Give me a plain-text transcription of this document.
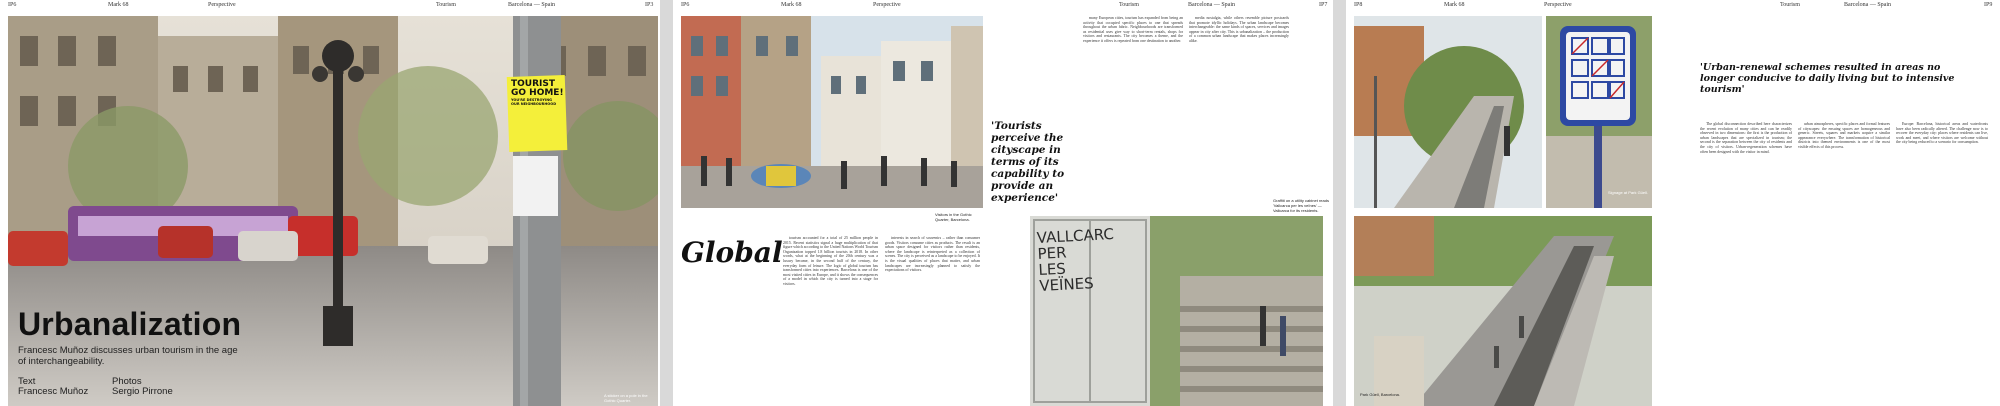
IP6	Mark 68	Perspective	Tourism	Barcelona — Spain	IP3
TOURIST
GO HOME!
YOU'RE DESTROYING
OUR NEIGHBOURHOOD
A sticker on a pole in the Gothic Quarter.
Urbanalization
Francesc Muñoz discusses urban tourism in the age of interchangeability.
Text
Francesc Muñoz
Photos
Sergio Pirrone
IP6	Mark 68	Perspective	Tourism	Barcelona — Spain	IP7
Visitors in the Gothic Quarter, Barcelona.
Global	tourism accounted for a total of 25 million people in 2015. Recent statistics signal a huge multiplication of that figure which according to the United Nations World Tourism Organization topped 1.8 billion tourists in 2018. In other words, what at the beginning of the 20th century was a luxury became, in the second half of the century, the everyday form of leisure. The logic of global tourism has transformed cities into experiences. Barcelona is one of the most visited cities in Europe, and it shows the consequences of a model in which the city is turned into a stage for visitors.

interests in search of souvenirs – rather than consumer goods. Visitors consume cities as products. The result is an urban space designed for visitors rather than residents, where the landscape is reinterpreted as a collection of scenes. The city is perceived as a landscape to be enjoyed. It is the visual qualities of places that matter, and urban landscapes are increasingly planned to satisfy the expectations of visitors.

'Tourists perceive the cityscape in terms of its capability to provide an experience'

many European cities, tourism has expanded from being an activity that occupied specific places to one that spreads throughout the urban fabric. Neighbourhoods are transformed as residential uses give way to short-term rentals, shops for visitors and restaurants. The city becomes a theme, and the experience it offers is repeated from one destination to another.

media nostalgia, while others resemble picture postcards that promote idyllic holidays. The urban landscape becomes interchangeable: the same kinds of spaces, services and images appear in city after city. This is urbanalization – the production of a common urban landscape that makes places increasingly alike.

Graffiti on a utility cabinet reads 'Vallcarca per les veïnes' — Vallcarca for its residents.
VALLCARC
PER
LES
VEÏNES
IP8	Mark 68	Perspective	Tourism	Barcelona — Spain	IP9
Signage at Park Güell.
Park Güell, Barcelona.
'Urban-renewal schemes resulted in areas no longer conducive to daily living but to intensive tourism'

The global disconnection described here characterizes the recent evolution of many cities and can be readily observed in two dimensions: the first is the production of urban landscapes that are specialized in tourism; the second is the separation between the city of residents and the city of visitors. Urban-regeneration schemes have often been designed with the visitor in mind.

urban atmospheres, specific places and formal features of cityscapes: the ensuing spaces are homogeneous and generic. Streets, squares and markets acquire a similar appearance everywhere. The transformation of historical districts into themed environments is one of the most visible effects of this process.

Europe: Barcelona, historical areas and waterfronts have also been radically altered. The challenge now is to recover the everyday city: places where residents can live, work and meet, and where visitors are welcome without the city being reduced to a scenario for consumption.
